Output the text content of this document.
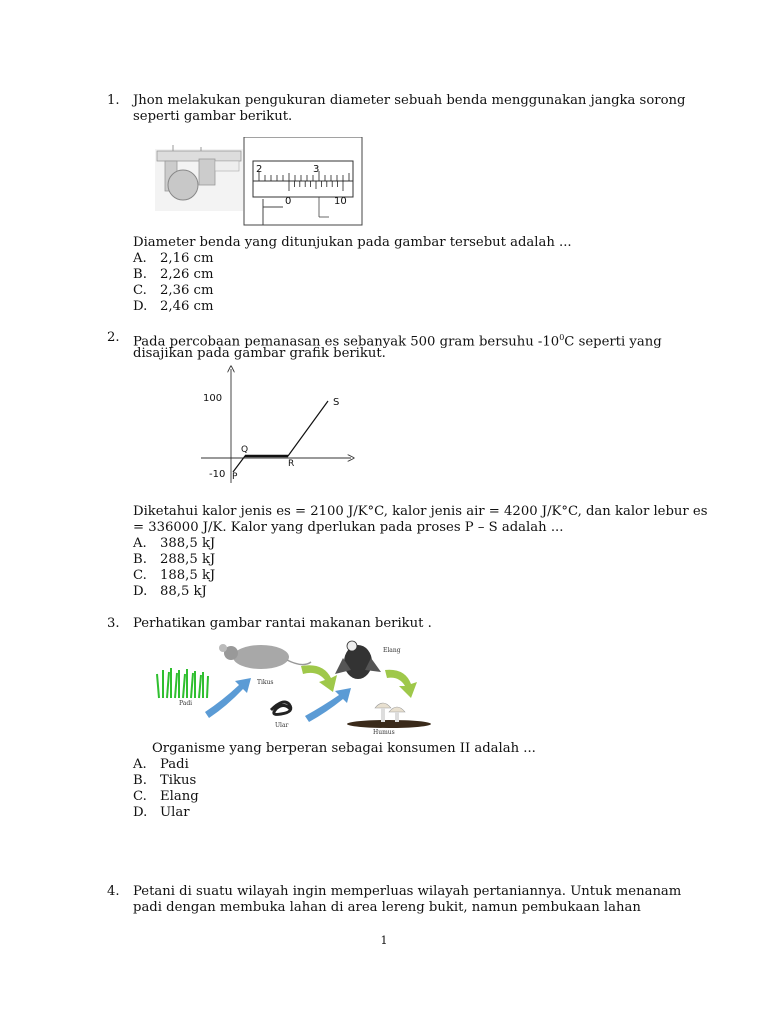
1. Jhon melakukan pengukuran diameter sebuah benda menggunakan jangka sorong
seperti gambar berikut.
2	3
0	10
Diameter benda yang ditunjukan pada gambar tersebut adalah ...
A. 2,16 cm
B. 2,26 cm
C. 2,36 cm
D. 2,46 cm
2. Pada percobaan pemanasan es sebanyak 500 gram bersuhu $-10^0C$ seperti yang
disajikan pada gambar grafik berikut.
100
-10 P
Q
R
S
Diketahui kalor jenis es = 2100 J/K°C, kalor jenis air = 4200 J/K°C, dan kalor lebur es
= 336000 J/K. Kalor yang dperlukan pada proses P – S adalah ...
A. 388,5 kJ
B. 288,5 kJ
C. 188,5 kJ
D. 88,5 kJ
3. Perhatikan gambar rantai makanan berikut .
Padi
Tikus
Ular
Elang
Humus
Organisme yang berperan sebagai konsumen II adalah ...
A. Padi
B. Tikus
C. Elang
D. Ular
4. Petani di suatu wilayah ingin memperluas wilayah pertaniannya. Untuk menanam
padi dengan membuka lahan di area lereng bukit, namun pembukaan lahan
1
